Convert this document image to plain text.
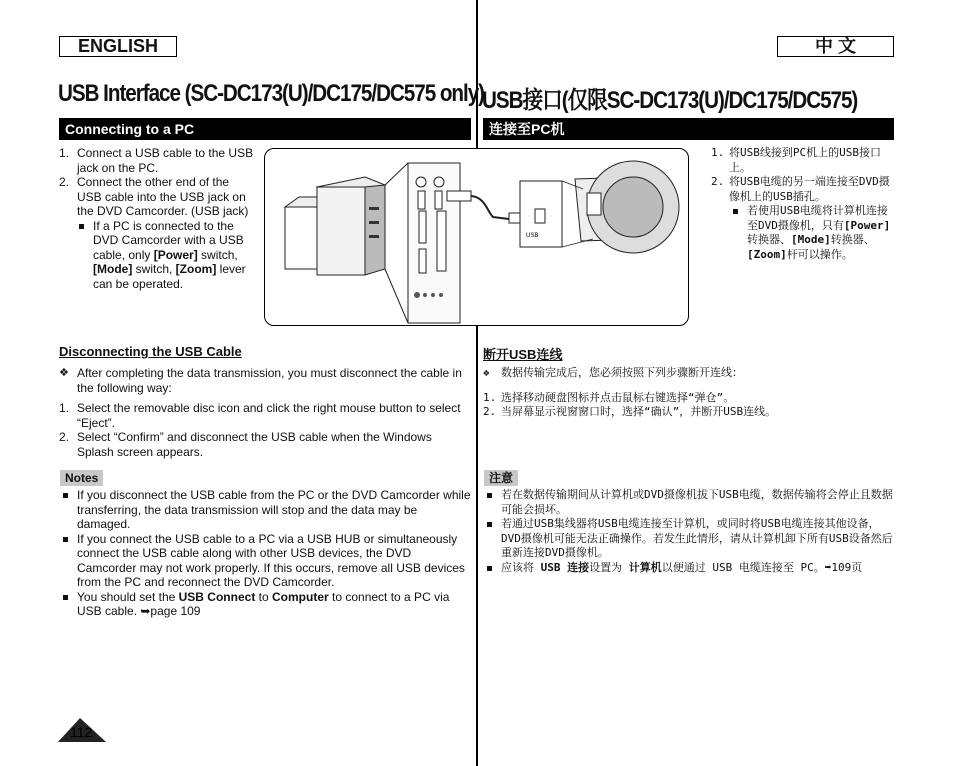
ENGLISH	中 文
USB Interface (SC-DC173(U)/DC175/DC575 only)
USB接口(仅限SC-DC173(U)/DC175/DC575)
Connecting to a PC	连接至PC机
1. Connect a USB cable to the USB jack on the PC.
2. Connect the other end of the USB cable into the USB jack on the DVD Camcorder. (USB jack)
If a PC is connected to the DVD Camcorder with a USB cable, only [Power] switch, [Mode] switch, [Zoom] lever can be operated.
USB
1. 将USB线接到PC机上的USB接口上。
2. 将USB电缆的另一端连接至DVD摄像机上的USB插孔。
若使用USB电缆将计算机连接至DVD摄像机，只有[Power]转换器、[Mode]转换器、[Zoom]杆可以操作。
Disconnecting the USB Cable	断开USB连线
❖ After completing the data transmission, you must disconnect the cable in the following way:
1. Select the removable disc icon and click the right mouse button to select “Eject”.
2. Select “Confirm” and disconnect the USB cable when the Windows Splash screen appears.
❖ 数据传输完成后，您必须按照下列步骤断开连线：
1. 选择移动硬盘图标并点击鼠标右键选择“弹仓”。
2. 当屏幕显示视窗窗口时，选择“确认”，并断开USB连线。
Notes	注意
If you disconnect the USB cable from the PC or the DVD Camcorder while transferring, the data transmission will stop and the data may be damaged.
If you connect the USB cable to a PC via a USB HUB or simultaneously connect the USB cable along with other USB devices, the DVD Camcorder may not work properly. If this occurs, remove all USB devices from the PC and reconnect the DVD Camcorder.
You should set the USB Connect to Computer to connect to a PC via USB cable. ➥page 109
若在数据传输期间从计算机或DVD摄像机拔下USB电缆，数据传输将会停止且数据可能会损坏。
若通过USB集线器将USB电缆连接至计算机，或同时将USB电缆连接其他设备，DVD摄像机可能无法正确操作。若发生此情形，请从计算机卸下所有USB设备然后重新连接DVD摄像机。
应该将 USB 连接设置为 计算机以便通过 USB 电缆连接至 PC。➥109页
112
